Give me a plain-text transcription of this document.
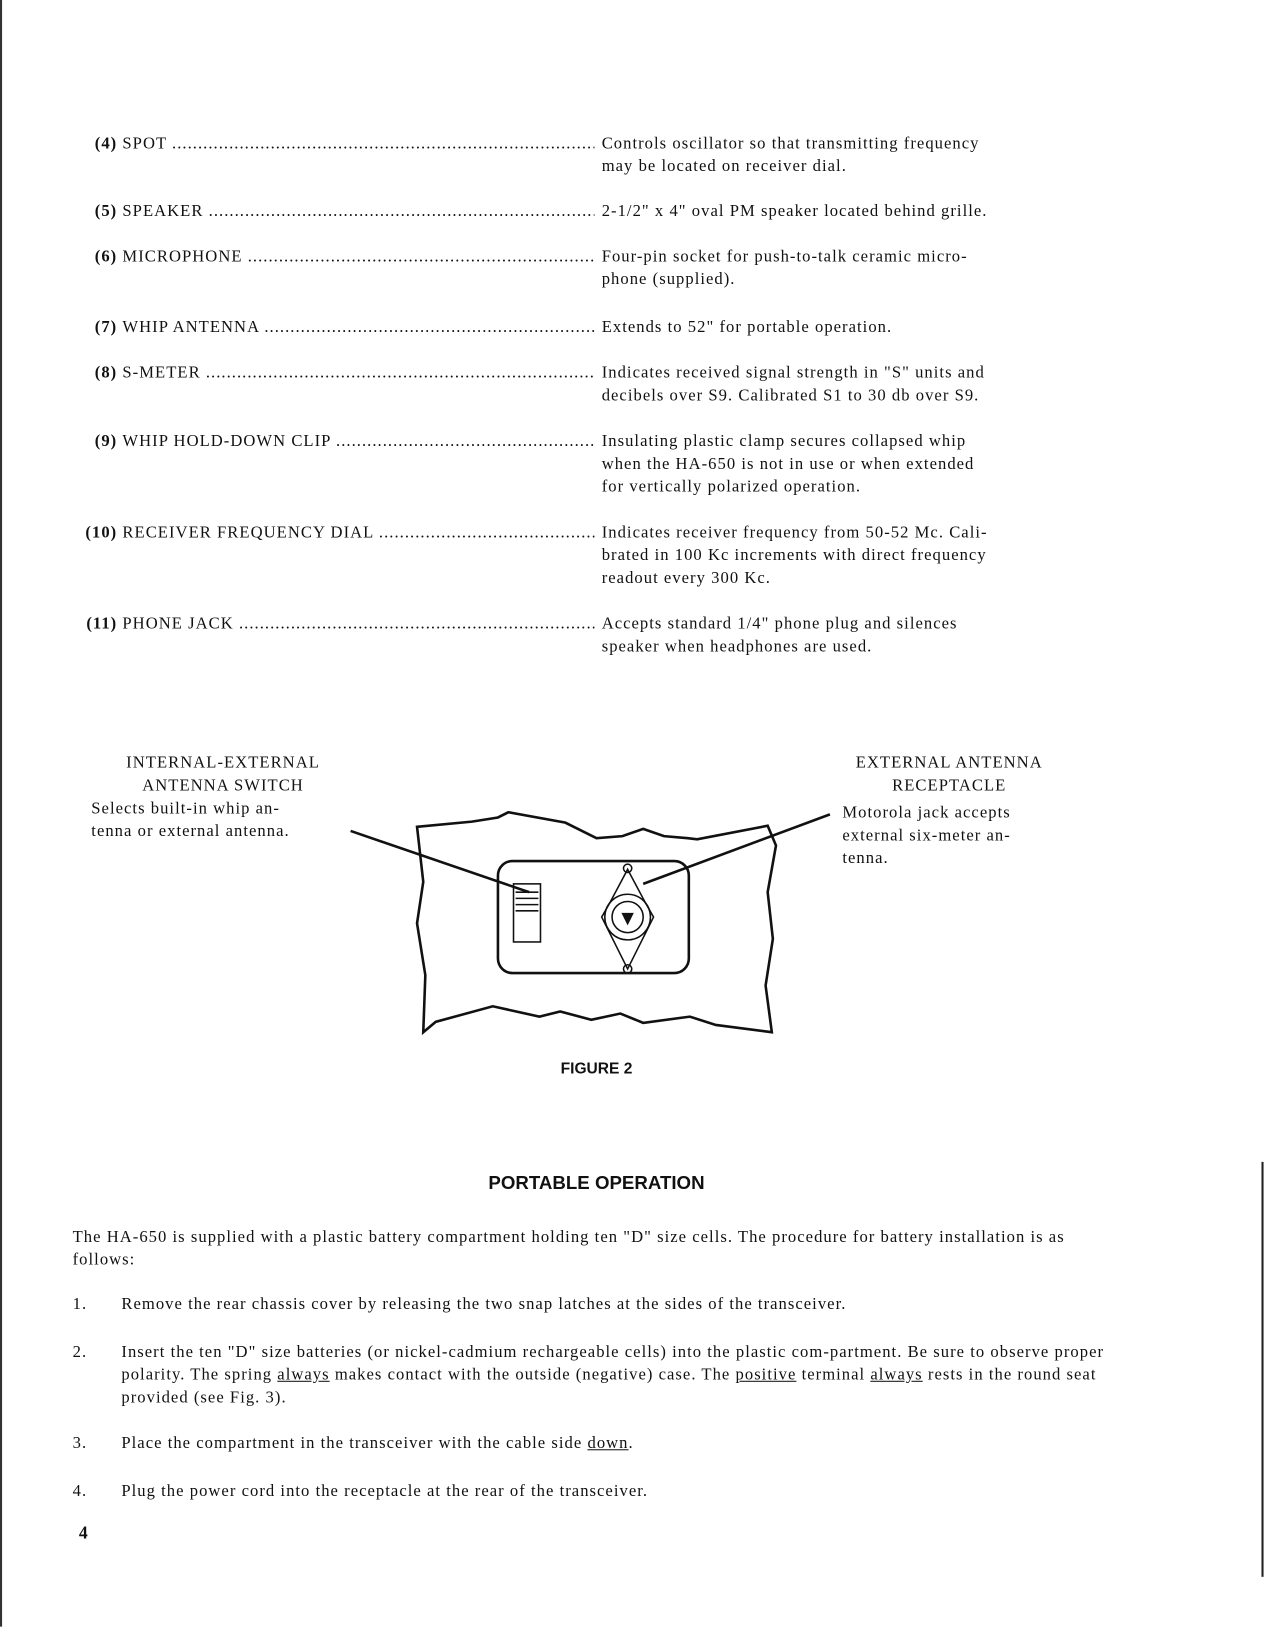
(4) SPOT .....	Controls oscillator so that transmitting frequency
may be located on receiver dial.
(5) SPEAKER .....	2-1/2" x 4" oval PM speaker located behind grille.
(6) MICROPHONE .....	Four-pin socket for push-to-talk ceramic micro-
phone (supplied).
(7) WHIP ANTENNA .....	Extends to 52" for portable operation.
(8) S-METER .....	Indicates received signal strength in "S" units and
decibels over S9. Calibrated S1 to 30 db over S9.
(9) WHIP HOLD-DOWN CLIP .....	Insulating plastic clamp secures collapsed whip
when the HA-650 is not in use or when extended
for vertically polarized operation.
(10) RECEIVER FREQUENCY DIAL .....	Indicates receiver frequency from 50-52 Mc. Cali-
brated in 100 Kc increments with direct frequency
readout every 300 Kc.
(11) PHONE JACK .....	Accepts standard 1/4" phone plug and silences
speaker when headphones are used.
INTERNAL-EXTERNAL
ANTENNA SWITCH
Selects built-in whip an-
tenna or external antenna.
EXTERNAL ANTENNA
RECEPTACLE
Motorola jack accepts
external six-meter an-
tenna.
FIGURE 2
PORTABLE OPERATION
The HA-650 is supplied with a plastic battery compartment holding ten "D" size cells. The procedure for battery installation is as follows:
1. Remove the rear chassis cover by releasing the two snap latches at the sides of the transceiver.
2. Insert the ten "D" size batteries (or nickel-cadmium rechargeable cells) into the plastic com-partment. Be sure to observe proper polarity. The spring always makes contact with the outside (negative) case. The positive terminal always rests in the round seat provided (see Fig. 3).
3. Place the compartment in the transceiver with the cable side down.
4. Plug the power cord into the receptacle at the rear of the transceiver.
4
